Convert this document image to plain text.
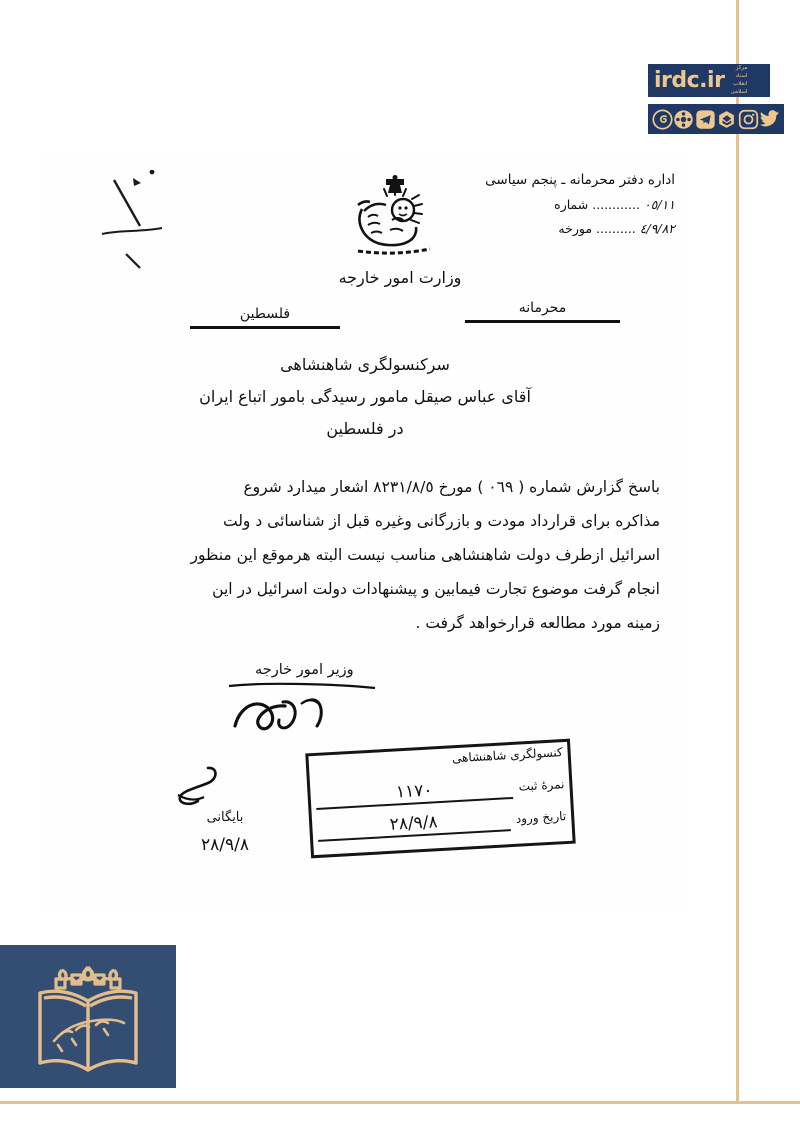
irdc.ir	مرکز
اسناد
انقلاب
اسلامی
اداره دفتر محرمانه ـ پنجم سیاسی
١١/٥٠ ............ شماره
٢٨/٩/٤ .......... مورخه
وزارت امور خارجه
محرمانه
فلسطین
سرکنسولگری شاهنشاهی
آقای عباس صیقل مامور رسیدگی بامور اتباع ایران
در فلسطین
باسخ گزارش شماره ( ٩٦٠ ) مورخ ٥/٨/١٣٢٨ اشعار میدارد شروع
مذاکره برای قرارداد مودت و بازرگانی وغیره قبل از شناسائی د ولت
اسرائیل ازطرف دولت شاهنشاهی مناسب نیست البته هرموقع این منظور
انجام گرفت موضوع تجارت فیمابین و پیشنهادات دولت اسرائیل در این
زمینه مورد مطالعه قرارخواهد گرفت .
وزیر امور خارجه
بایگانی
٢٨/٩/٨
کنسولگری شاهنشاهی
نمرۀ ثبت
١١٧٠
تاریخ ورود
٢٨/٩/٨
